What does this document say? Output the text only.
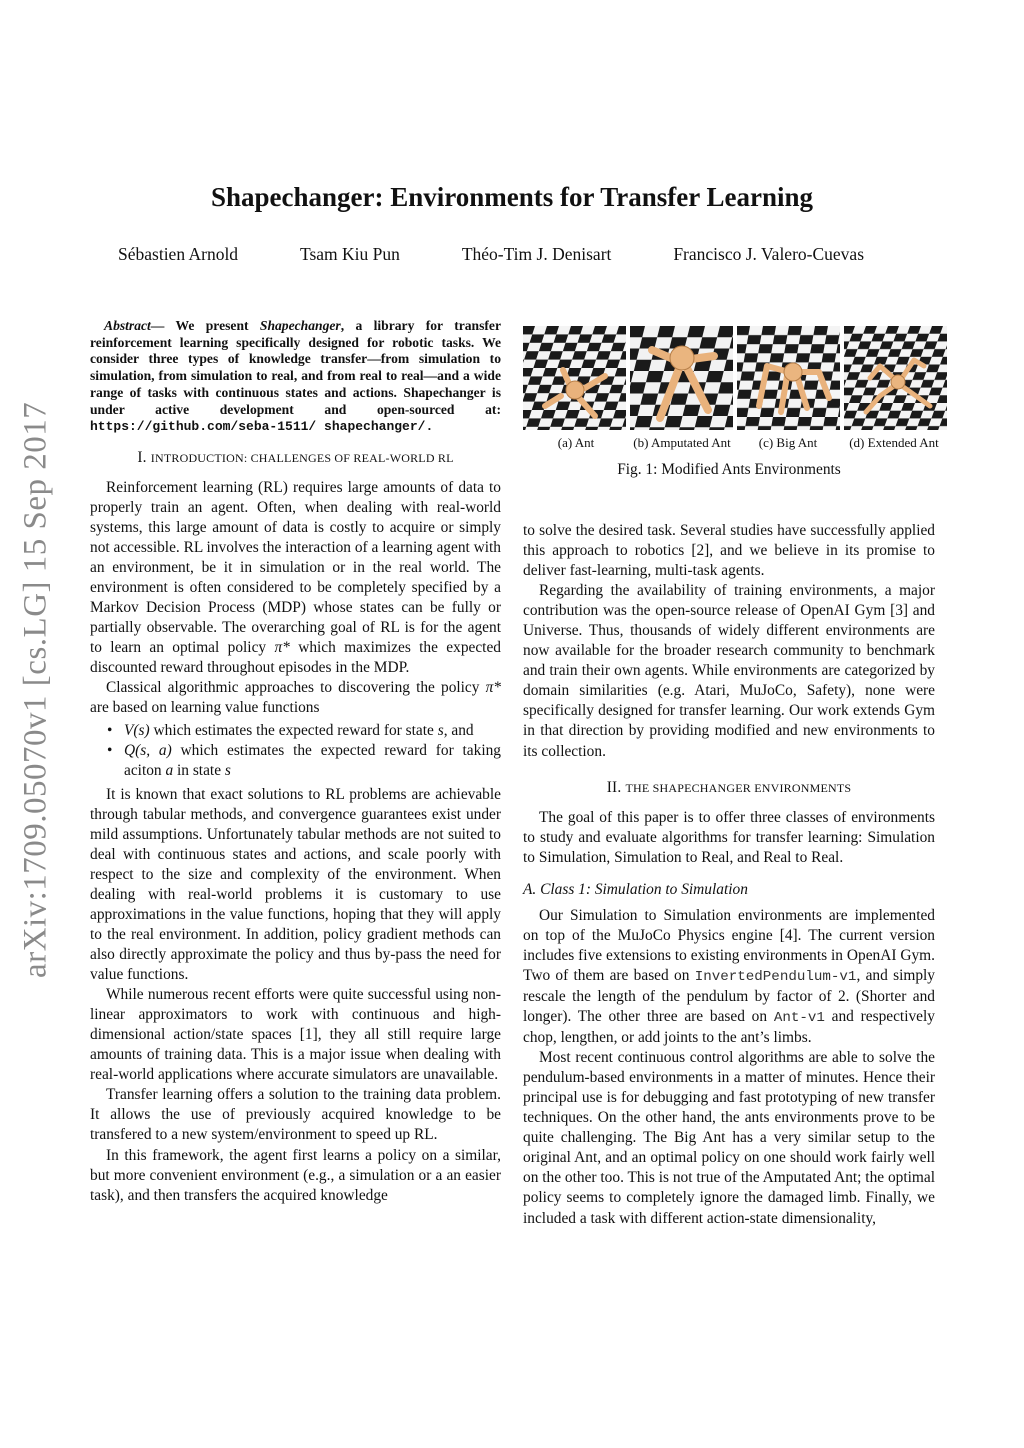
arXiv:1709.05070v1 [cs.LG] 15 Sep 2017
Shapechanger: Environments for Transfer Learning
Sébastien Arnold	Tsam Kiu Pun	Théo-Tim J. Denisart	Francisco J. Valero-Cuevas

Abstract— We present Shapechanger, a library for transfer reinforcement learning specifically designed for robotic tasks. We consider three types of knowledge transfer—from simulation to simulation, from simulation to real, and from real to real—and a wide range of tasks with continuous states and actions. Shapechanger is under active development and open-sourced at: https://github.com/seba-1511/ shapechanger/.

I. INTRODUCTION: CHALLENGES OF REAL-WORLD RL

Reinforcement learning (RL) requires large amounts of data to properly train an agent. Often, when dealing with real-world systems, this large amount of data is costly to acquire or simply not accessible. RL involves the interaction of a learning agent with an environment, be it in simulation or in the real world. The environment is often considered to be completely specified by a Markov Decision Process (MDP) whose states can be fully or partially observable. The overarching goal of RL is for the agent to learn an optimal policy π* which maximizes the expected discounted reward throughout episodes in the MDP.

Classical algorithmic approaches to discovering the policy π* are based on learning value functions

• V(s) which estimates the expected reward for state s, and
• Q(s, a) which estimates the expected reward for taking aciton a in state s

It is known that exact solutions to RL problems are achievable through tabular methods, and convergence guarantees exist under mild assumptions. Unfortunately tabular methods are not suited to deal with continuous states and actions, and scale poorly with respect to the size and complexity of the environment. When dealing with real-world problems it is customary to use approximations in the value functions, hoping that they will apply to the real environment. In addition, policy gradient methods can also directly approximate the policy and thus by-pass the need for value functions.

While numerous recent efforts were quite successful using non-linear approximators to work with continuous and high-dimensional action/state spaces [1], they all still require large amounts of training data. This is a major issue when dealing with real-world applications where accurate simulators are unavailable.

Transfer learning offers a solution to the training data problem. It allows the use of previously acquired knowledge to be transfered to a new system/environment to speed up RL.

In this framework, the agent first learns a policy on a similar, but more convenient environment (e.g., a simulation or a an easier task), and then transfers the acquired knowledge

(a) Ant	(b) Amputated Ant	(c) Big Ant	(d) Extended Ant
Fig. 1: Modified Ants Environments

to solve the desired task. Several studies have successfully applied this approach to robotics [2], and we believe in its promise to deliver fast-learning, multi-task agents.

Regarding the availability of training environments, a major contribution was the open-source release of OpenAI Gym [3] and Universe. Thus, thousands of widely different environments are now available for the broader research community to benchmark and train their own agents. While environments are categorized by domain similarities (e.g. Atari, MuJoCo, Safety), none were specifically designed for transfer learning. Our work extends Gym in that direction by providing modified and new environments to its collection.

II. THE SHAPECHANGER ENVIRONMENTS

The goal of this paper is to offer three classes of environments to study and evaluate algorithms for transfer learning: Simulation to Simulation, Simulation to Real, and Real to Real.

A. Class 1: Simulation to Simulation

Our Simulation to Simulation environments are implemented on top of the MuJoCo Physics engine [4]. The current version includes five extensions to existing environments in OpenAI Gym. Two of them are based on InvertedPendulum-v1, and simply rescale the length of the pendulum by factor of 2. (Shorter and longer). The other three are based on Ant-v1 and respectively chop, lengthen, or add joints to the ant’s limbs.

Most recent continuous control algorithms are able to solve the pendulum-based environments in a matter of minutes. Hence their principal use is for debugging and fast prototyping of new transfer techniques. On the other hand, the ants environments prove to be quite challenging. The Big Ant has a very similar setup to the original Ant, and an optimal policy on one should work fairly well on the other too. This is not true of the Amputated Ant; the optimal policy seems to completely ignore the damaged limb. Finally, we included a task with different action-state dimensionality,
